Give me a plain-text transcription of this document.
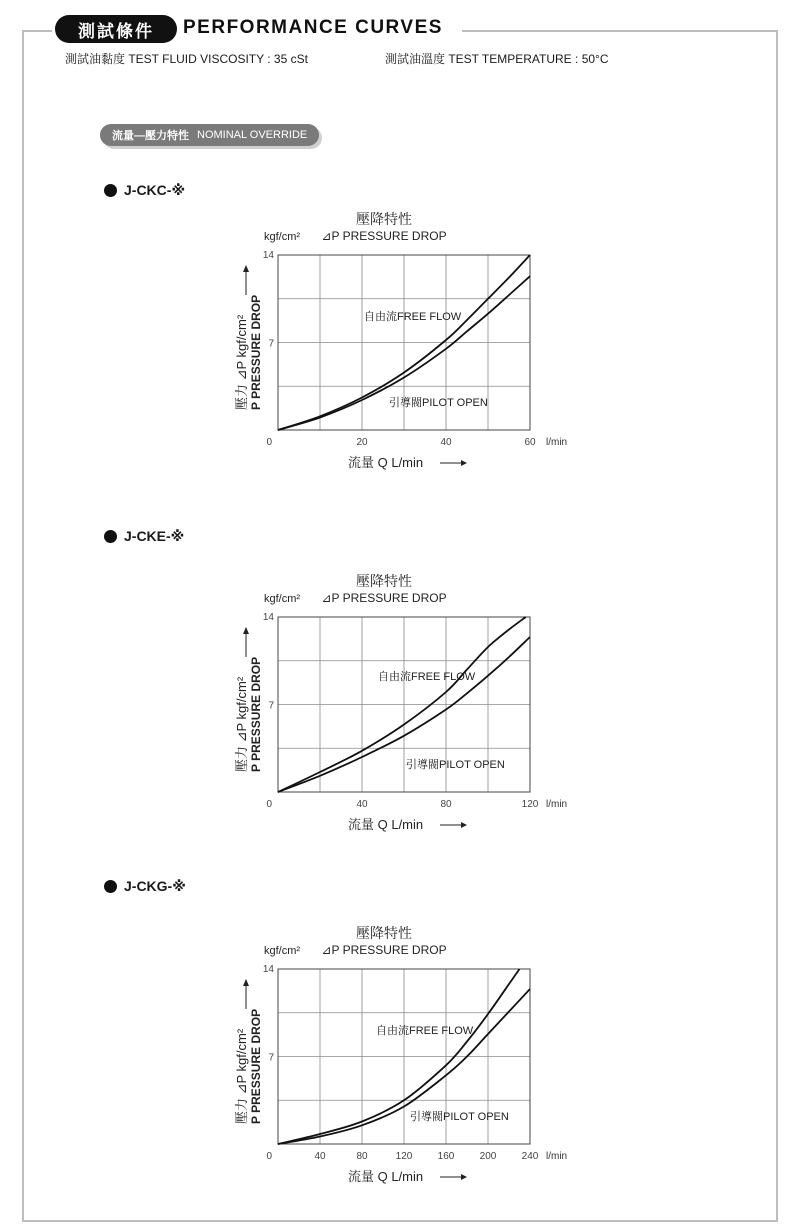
測試條件	PERFORMANCE CURVES
測試油黏度 TEST FLUID VISCOSITY : 35 cSt	測試油溫度 TEST TEMPERATURE : 50°C
流量—壓力特性 NOMINAL OVERRIDE
J-CKC-※
J-CKE-※
J-CKG-※
壓降特性
⊿P PRESSURE DROP
kgf/cm²
0
7
14
20	40	60 l/min
流量 Q L/min
壓力 ⊿P kgf/cm² P PRESSURE DROP	自由流FREE FLOW
引導閥PILOT OPEN
壓降特性
⊿P PRESSURE DROP
kgf/cm²
0
7
14
40	80	120 l/min
流量 Q L/min
壓力 ⊿P kgf/cm² P PRESSURE DROP	自由流FREE FLOW
引導閥PILOT OPEN
壓降特性
⊿P PRESSURE DROP
kgf/cm²
0
7
14
40	80	120	160	200	240 l/min
流量 Q L/min
壓力 ⊿P kgf/cm² P PRESSURE DROP	自由流FREE FLOW
引導閥PILOT OPEN
